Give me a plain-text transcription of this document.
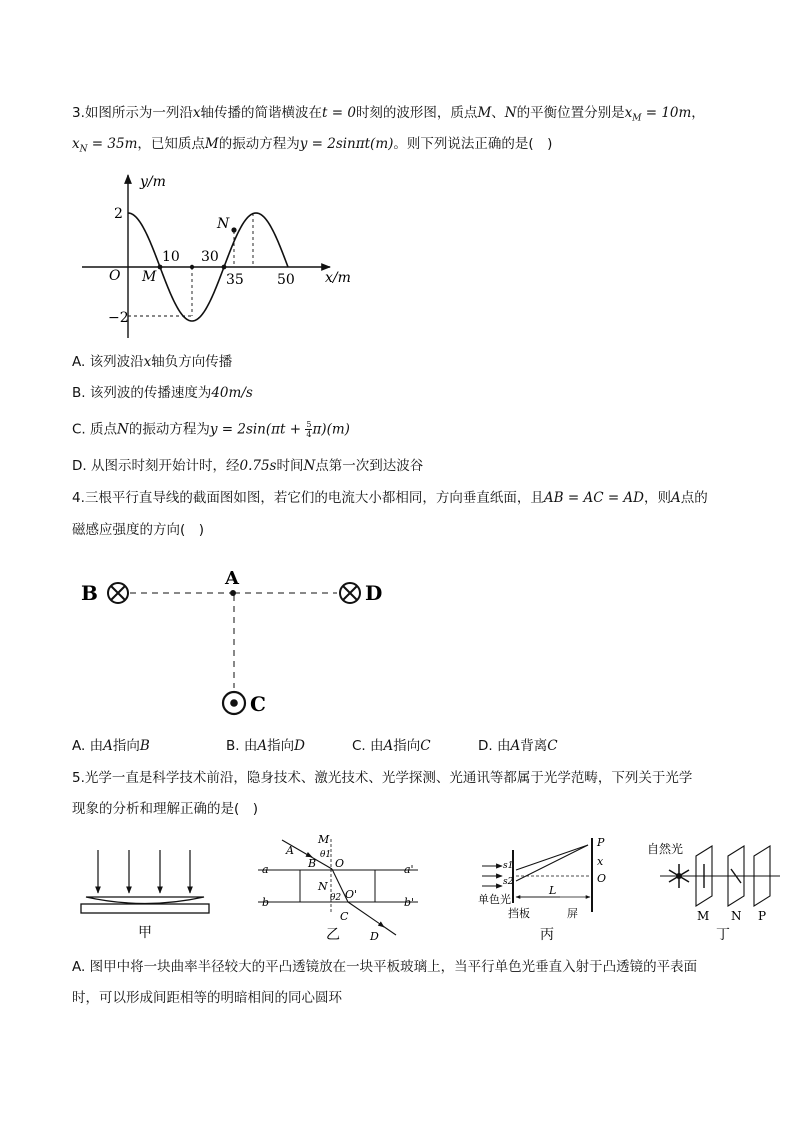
3.如图所示为一列沿x轴传播的简谐横波在t = 0时刻的波形图，质点M、N的平衡位置分别是$x_M = 10m$，
$x_N = 35m$，已知质点M的振动方程为y = 2sinπt(m)。则下列说法正确的是(　)
y/m
x/m
O
2
−2
10 30
35 50
M
N
A. 该列波沿x轴负方向传播
B. 该列波的传播速度为40m/s
C. 质点N的振动方程为$y = 2\sin(\pi t + \frac{5}{4} \pi)(m)$
D. 从图示时刻开始计时，经0.75s时间N点第一次到达波谷
4.三根平行直导线的截面图如图，若它们的电流大小都相同，方向垂直纸面，且AB = AC = AD，则A点的
磁感应强度的方向(　)
A
B	D
C
A. 由A指向B	B. 由A指向D	C. 由A指向C	D. 由A背离C
5.光学一直是科学技术前沿，隐身技术、激光技术、光学探测、光通讯等都属于光学范畴，下列关于光学
现象的分析和理解正确的是(　)
甲
a	a'
b	b'
A
M
θ1
B O
N
θ2 O'
C
D
乙
P
x
O
s1
s2
L
单色光
挡板	屏
丙
自然光
M N P
丁
A. 图甲中将一块曲率半径较大的平凸透镜放在一块平板玻璃上，当平行单色光垂直入射于凸透镜的平表面
时，可以形成间距相等的明暗相间的同心圆环
